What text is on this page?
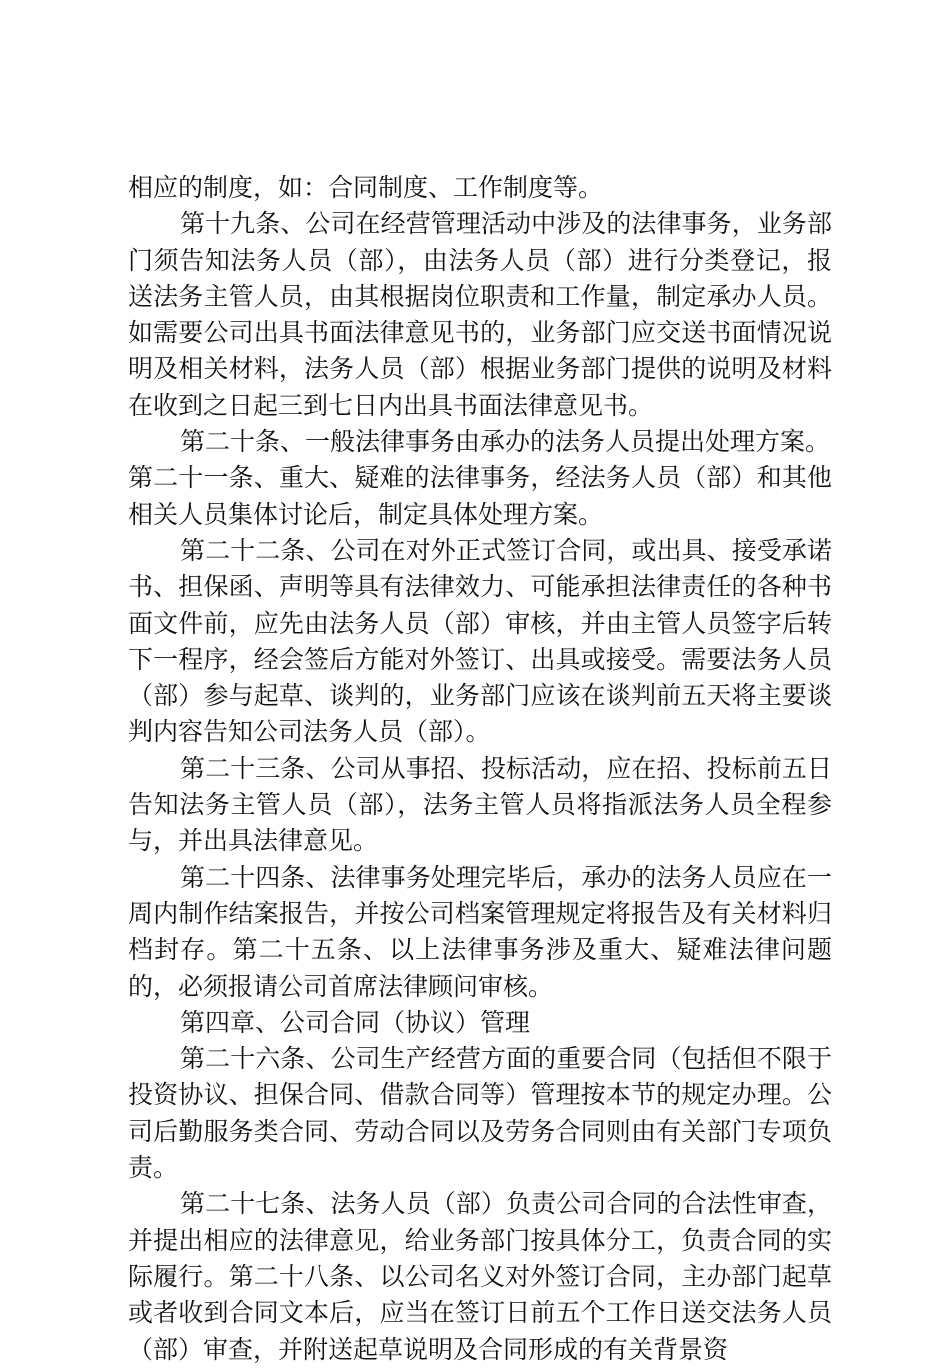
相应的制度，如：合同制度、工作制度等。

第十九条、公司在经营管理活动中涉及的法律事务，业务部门须告知法务人员（部），由法务人员（部）进行分类登记，报送法务主管人员，由其根据岗位职责和工作量，制定承办人员。如需要公司出具书面法律意见书的，业务部门应交送书面情况说明及相关材料，法务人员（部）根据业务部门提供的说明及材料在收到之日起三到七日内出具书面法律意见书。

第二十条、一般法律事务由承办的法务人员提出处理方案。

第二十一条、重大、疑难的法律事务，经法务人员（部）和其他相关人员集体讨论后，制定具体处理方案。

第二十二条、公司在对外正式签订合同，或出具、接受承诺书、担保函、声明等具有法律效力、可能承担法律责任的各种书面文件前，应先由法务人员（部）审核，并由主管人员签字后转下一程序，经会签后方能对外签订、出具或接受。需要法务人员（部）参与起草、谈判的，业务部门应该在谈判前五天将主要谈判内容告知公司法务人员（部）。

第二十三条、公司从事招、投标活动，应在招、投标前五日告知法务主管人员（部），法务主管人员将指派法务人员全程参与，并出具法律意见。

第二十四条、法律事务处理完毕后，承办的法务人员应在一周内制作结案报告，并按公司档案管理规定将报告及有关材料归档封存。第二十五条、以上法律事务涉及重大、疑难法律问题的，必须报请公司首席法律顾问审核。

第四章、公司合同（协议）管理

第二十六条、公司生产经营方面的重要合同（包括但不限于投资协议、担保合同、借款合同等）管理按本节的规定办理。公司后勤服务类合同、劳动合同以及劳务合同则由有关部门专项负责。

第二十七条、法务人员（部）负责公司合同的合法性审查，并提出相应的法律意见，给业务部门按具体分工，负责合同的实际履行。第二十八条、以公司名义对外签订合同，主办部门起草或者收到合同文本后，应当在签订日前五个工作日送交法务人员（部）审查，并附送起草说明及合同形成的有关背景资
